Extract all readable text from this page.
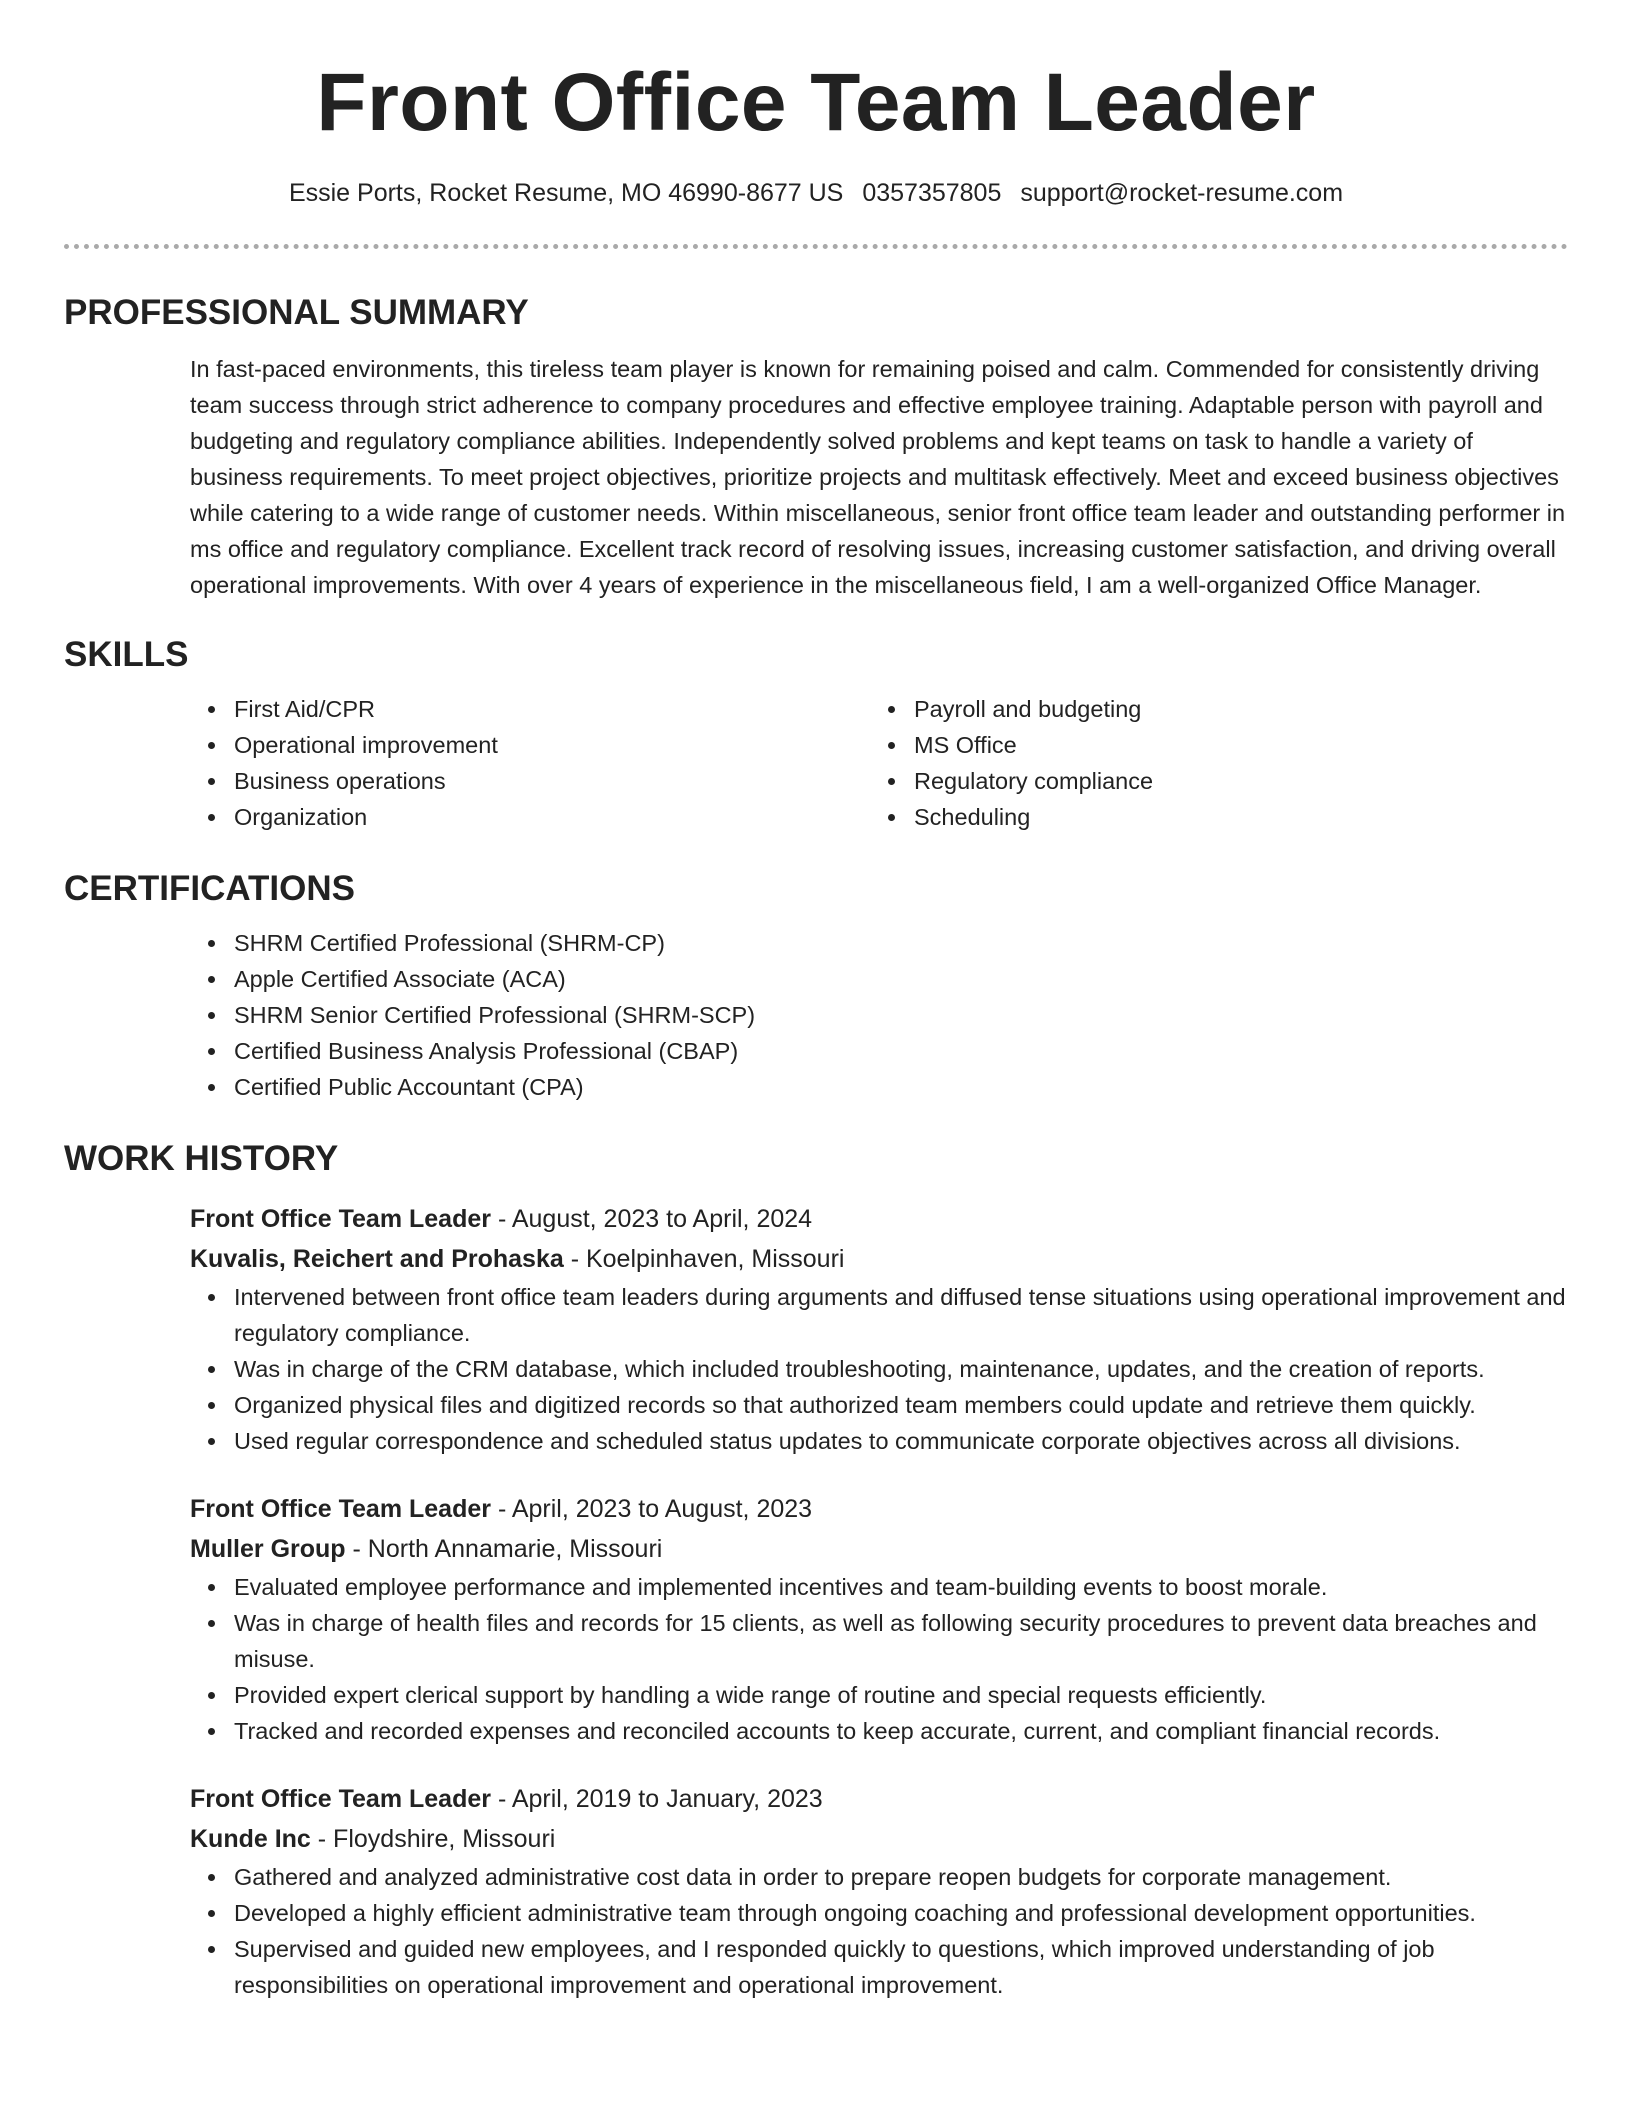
Front Office Team Leader
Essie Ports, Rocket Resume, MO 46990-8677 US 0357357805 support@rocket-resume.com
PROFESSIONAL SUMMARY

In fast-paced environments, this tireless team player is known for remaining poised and calm. Commended for consistently driving team success through strict adherence to company procedures and effective employee training. Adaptable person with payroll and budgeting and regulatory compliance abilities. Independently solved problems and kept teams on task to handle a variety of business requirements. To meet project objectives, prioritize projects and multitask effectively. Meet and exceed business objectives while catering to a wide range of customer needs. Within miscellaneous, senior front office team leader and outstanding performer in ms office and regulatory compliance. Excellent track record of resolving issues, increasing customer satisfaction, and driving overall operational improvements. With over 4 years of experience in the miscellaneous field, I am a well-organized Office Manager.

SKILLS
First Aid/CPR
Operational improvement
Business operations
Organization
Payroll and budgeting
MS Office
Regulatory compliance
Scheduling
CERTIFICATIONS
SHRM Certified Professional (SHRM-CP)
Apple Certified Associate (ACA)
SHRM Senior Certified Professional (SHRM-SCP)
Certified Business Analysis Professional (CBAP)
Certified Public Accountant (CPA)
WORK HISTORY
Front Office Team Leader - August, 2023 to April, 2024
Kuvalis, Reichert and Prohaska - Koelpinhaven, Missouri
Intervened between front office team leaders during arguments and diffused tense situations using operational improvement and regulatory compliance.
Was in charge of the CRM database, which included troubleshooting, maintenance, updates, and the creation of reports.
Organized physical files and digitized records so that authorized team members could update and retrieve them quickly.
Used regular correspondence and scheduled status updates to communicate corporate objectives across all divisions.
Front Office Team Leader - April, 2023 to August, 2023
Muller Group - North Annamarie, Missouri
Evaluated employee performance and implemented incentives and team-building events to boost morale.
Was in charge of health files and records for 15 clients, as well as following security procedures to prevent data breaches and misuse.
Provided expert clerical support by handling a wide range of routine and special requests efficiently.
Tracked and recorded expenses and reconciled accounts to keep accurate, current, and compliant financial records.
Front Office Team Leader - April, 2019 to January, 2023
Kunde Inc - Floydshire, Missouri
Gathered and analyzed administrative cost data in order to prepare reopen budgets for corporate management.
Developed a highly efficient administrative team through ongoing coaching and professional development opportunities.
Supervised and guided new employees, and I responded quickly to questions, which improved understanding of job responsibilities on operational improvement and operational improvement.
